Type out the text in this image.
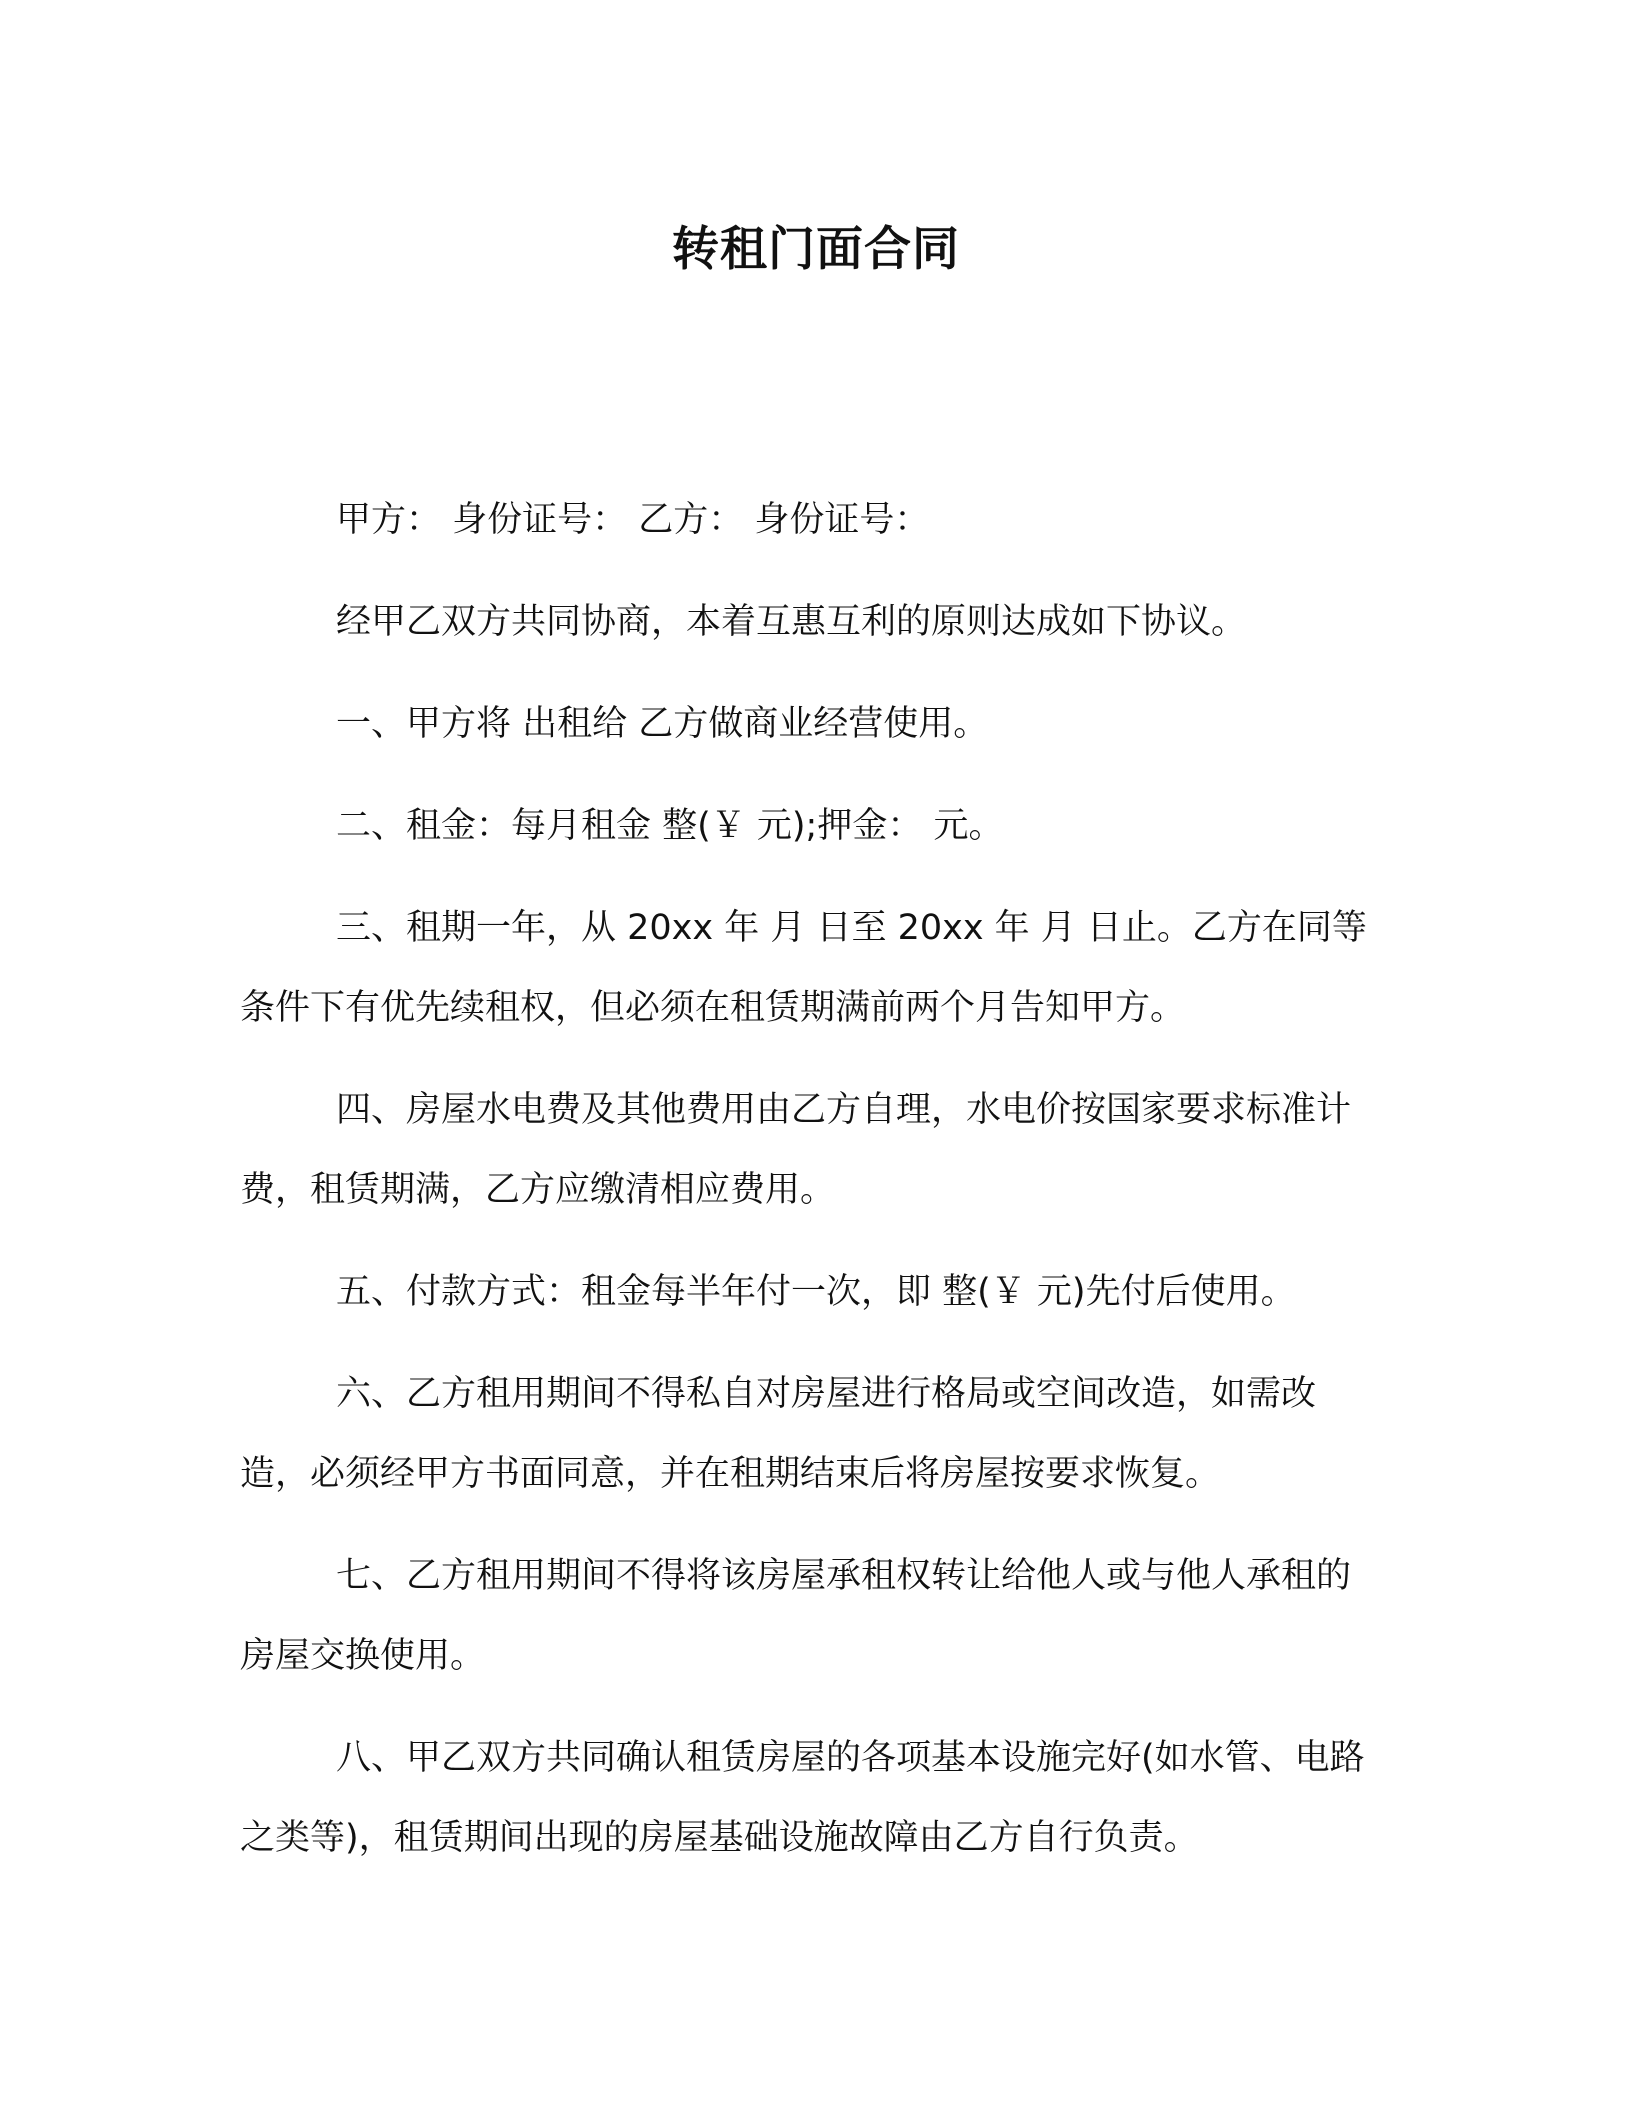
转租门面合同
甲方： 身份证号： 乙方： 身份证号：
经甲乙双方共同协商，本着互惠互利的原则达成如下协议。
一、甲方将 出租给 乙方做商业经营使用。
二、租金：每月租金 整(￥ 元);押金： 元。
三、租期一年，从 20xx 年 月 日至 20xx 年 月 日止。乙方在同等条件下有优先续租权，但必须在租赁期满前两个月告知甲方。
四、房屋水电费及其他费用由乙方自理，水电价按国家要求标准计费，租赁期满，乙方应缴清相应费用。
五、付款方式：租金每半年付一次，即 整(￥ 元)先付后使用。
六、乙方租用期间不得私自对房屋进行格局或空间改造，如需改造，必须经甲方书面同意，并在租期结束后将房屋按要求恢复。
七、乙方租用期间不得将该房屋承租权转让给他人或与他人承租的房屋交换使用。
八、甲乙双方共同确认租赁房屋的各项基本设施完好(如水管、电路之类等)，租赁期间出现的房屋基础设施故障由乙方自行负责。
